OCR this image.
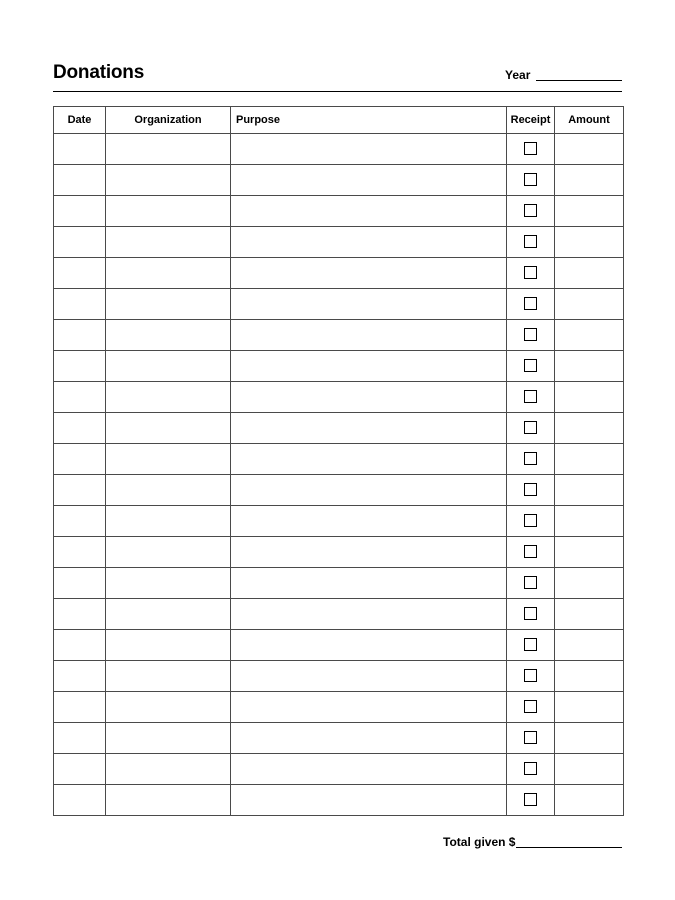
Donations	Year
Date	Organization	Purpose	Receipt	Amount

Total given $
